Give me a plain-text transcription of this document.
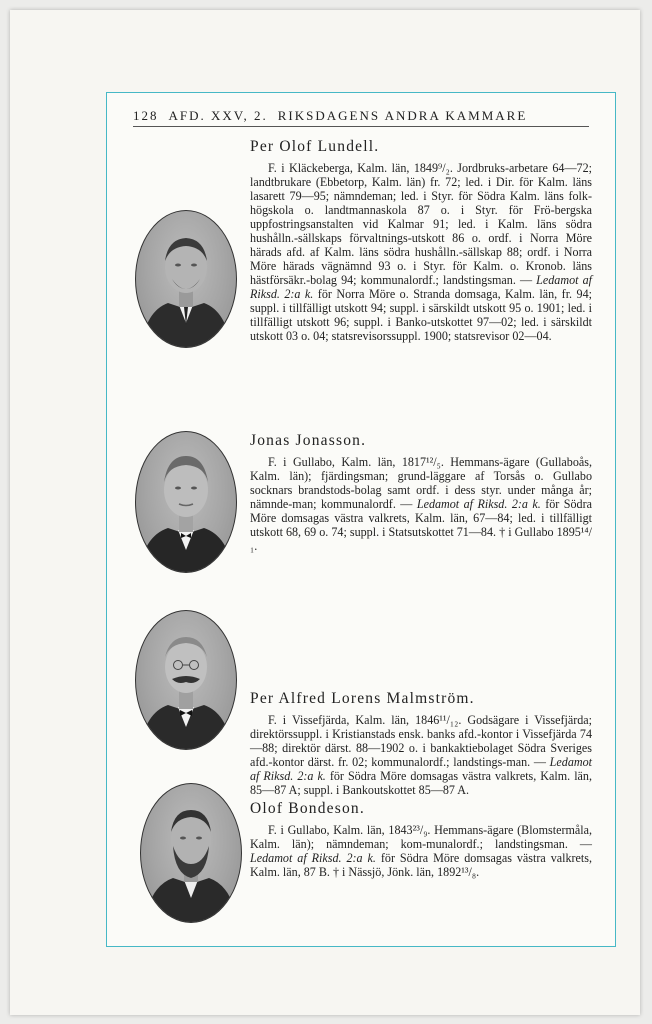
128 AFD. XXV, 2. RIKSDAGENS ANDRA KAMMARE
Per Olof Lundell.
F. i Kläckeberga, Kalm. län, 1849⁹/₂. Jordbruks-arbetare 64—72; landtbrukare (Ebbetorp, Kalm. län) fr. 72; led. i Dir. för Kalm. läns lasarett 79—95; nämndeman; led. i Styr. för Södra Kalm. läns folk-högskola o. landtmannaskola 87 o. i Styr. för Frö-bergska uppfostringsanstalten vid Kalmar 91; led. i Kalm. läns södra hushålln.-sällskaps förvaltnings-utskott 86 o. ordf. i Norra Möre härads afd. af Kalm. läns södra hushålln.-sällskap 88; ordf. i Norra Möre härads vägnämnd 93 o. i Styr. för Kalm. o. Kronob. läns hästförsäkr.-bolag 94; kommunalordf.; landstingsman. — Ledamot af Riksd. 2:a k. för Norra Möre o. Stranda domsaga, Kalm. län, fr. 94; suppl. i tillfälligt utskott 94; suppl. i särskildt utskott 95 o. 1901; led. i tillfälligt utskott 96; suppl. i Banko-utskottet 97—02; led. i särskildt utskott 03 o. 04; statsrevisorssuppl. 1900; statsrevisor 02—04.
Jonas Jonasson.
F. i Gullabo, Kalm. län, 1817¹²/₅. Hemmans-ägare (Gullaboås, Kalm. län); fjärdingsman; grund-läggare af Torsås o. Gullabo socknars brandstods-bolag samt ordf. i dess styr. under många år; nämnde-man; kommunalordf. — Ledamot af Riksd. 2:a k. för Södra Möre domsagas västra valkrets, Kalm. län, 67—84; led. i tillfälligt utskott 68, 69 o. 74; suppl. i Statsutskottet 71—84. † i Gullabo 1895¹⁴/₁.
Per Alfred Lorens Malmström.
F. i Vissefjärda, Kalm. län, 1846¹¹/₁₂. Godsägare i Vissefjärda; direktörssuppl. i Kristianstads ensk. banks afd.-kontor i Vissefjärda 74—88; direktör därst. 88—1902 o. i bankaktiebolaget Södra Sveriges afd.-kontor därst. fr. 02; kommunalordf.; landstings-man. — Ledamot af Riksd. 2:a k. för Södra Möre domsagas västra valkrets, Kalm. län, 85—87 A; suppl. i Bankoutskottet 85—87 A.
Olof Bondeson.
F. i Gullabo, Kalm. län, 1843²³/₉. Hemmans-ägare (Blomstermåla, Kalm. län); nämndeman; kom-munalordf.; landstingsman. — Ledamot af Riksd. 2:a k. för Södra Möre domsagas västra valkrets, Kalm. län, 87 B. † i Nässjö, Jönk. län, 1892¹³/₈.
